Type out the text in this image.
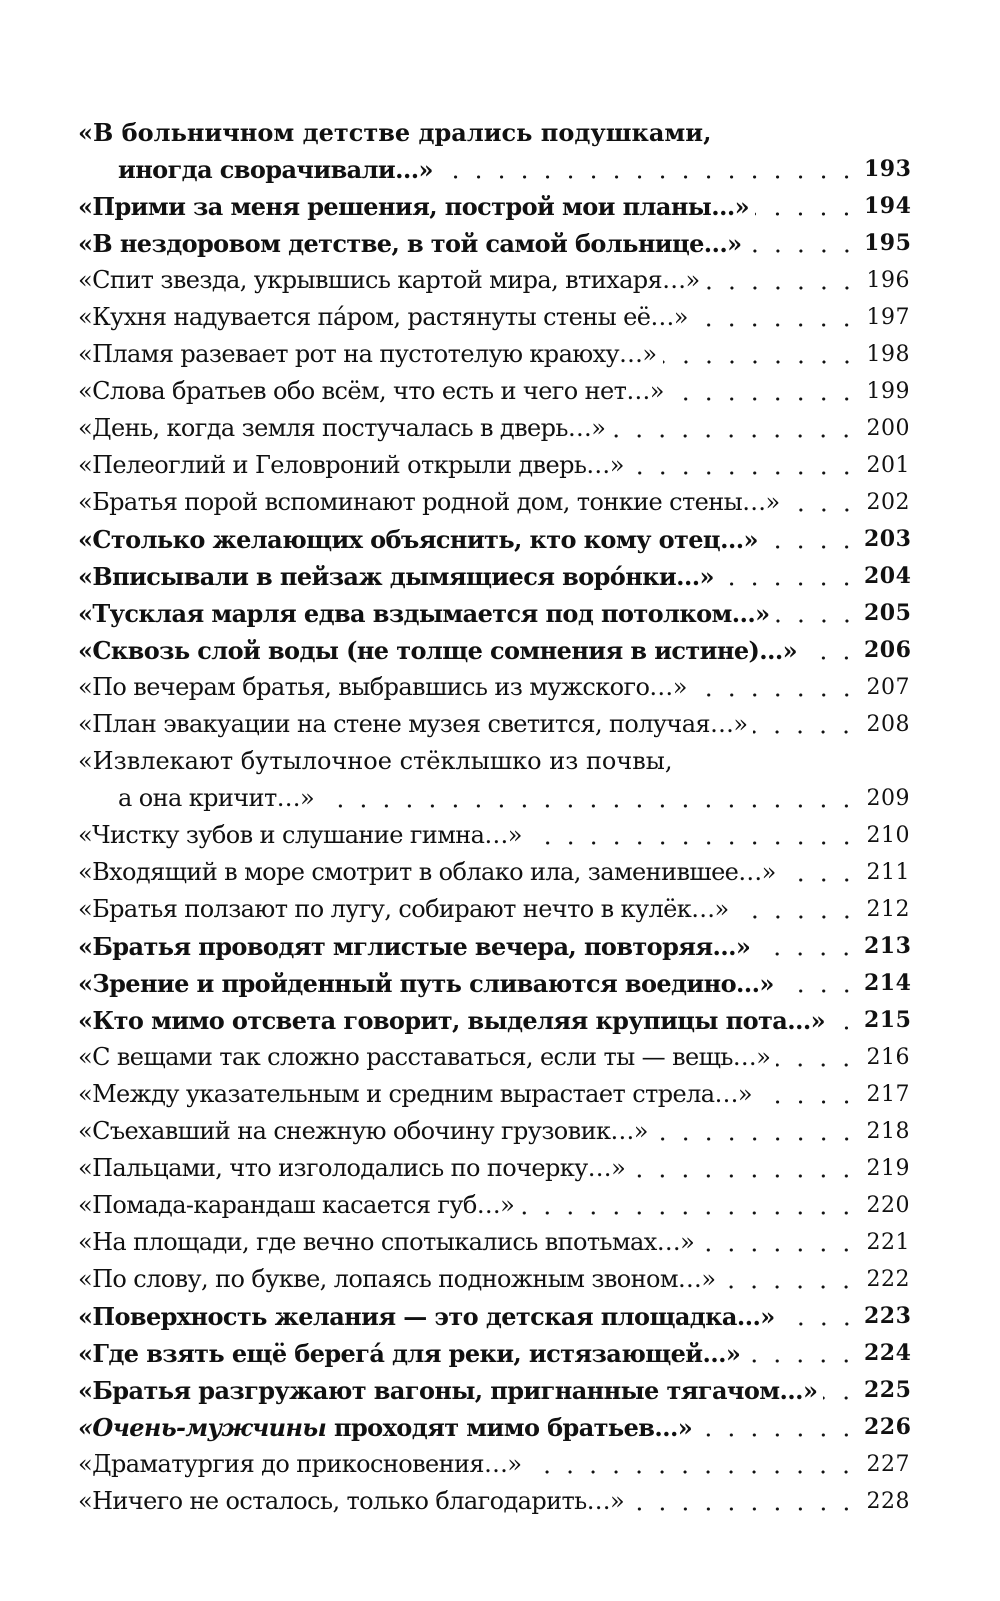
«В больничном детстве дрались подушками,
иногда сворачивали…»	193
«Прими за меня решения, построй мои планы…»	194
«В нездоровом детстве, в той самой больнице…»	195
«Спит звезда, укрывшись картой мира, втихаря…»	196
«Кухня надувается пáром, растянуты стены её…»	197
«Пламя разевает рот на пустотелую краюху…»	198
«Слова братьев обо всём, что есть и чего нет…»	199
«День, когда земля постучалась в дверь…»	200
«Пелеоглий и Геловроний открыли дверь…»	201
«Братья порой вспоминают родной дом, тонкие стены…»	202
«Столько желающих объяснить, кто кому отец…»	203
«Вписывали в пейзаж дымящиеся ворóнки…»	204
«Тусклая марля едва вздымается под потолком…»	205
«Сквозь слой воды (не толще сомнения в истине)…»	206
«По вечерам братья, выбравшись из мужского…»	207
«План эвакуации на стене музея светится, получая…»	208
«Извлекают бутылочное стёклышко из почвы,
а она кричит…»	209
«Чистку зубов и слушание гимна…»	210
«Входящий в море смотрит в облако ила, заменившее…»	211
«Братья ползают по лугу, собирают нечто в кулёк…»	212
«Братья проводят мглистые вечера, повторяя…»	213
«Зрение и пройденный путь сливаются воедино…»	214
«Кто мимо отсвета говорит, выделяя крупицы пота…» 215
«С вещами так сложно расставаться, если ты — вещь…»	216
«Между указательным и средним вырастает стрела…»	217
«Съехавший на снежную обочину грузовик…»	218
«Пальцами, что изголодались по почерку…»	219
«Помада-карандаш касается губ…»	220
«На площади, где вечно спотыкались впотьмах…»	221
«По слову, по букве, лопаясь подножным звоном…»	222
«Поверхность желания — это детская площадка…»	223
«Где взять ещё берегá для реки, истязающей…»	224
«Братья разгружают вагоны, пригнанные тягачом…» 225
«Очень-мужчины проходят мимо братьев…»	226
«Драматургия до прикосновения…»	227
«Ничего не осталось, только благодарить…»	228
